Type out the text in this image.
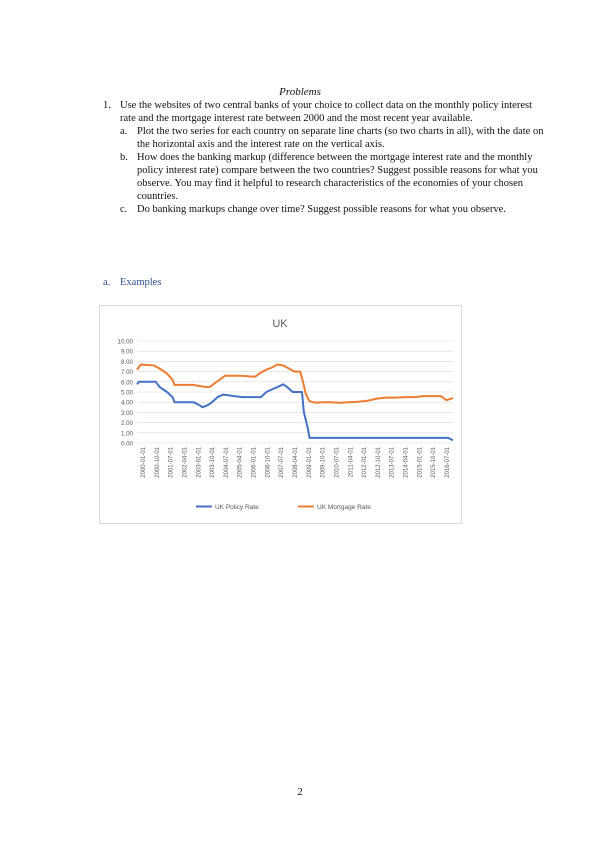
Problems
1. Use the websites of two central banks of your choice to collect data on the monthly policy interest rate and the mortgage interest rate between 2000 and the most recent year available.
a. Plot the two series for each country on separate line charts (so two charts in all), with the date on the horizontal axis and the interest rate on the vertical axis.
b. How does the banking markup (difference between the mortgage interest rate and the monthly policy interest rate) compare between the two countries? Suggest possible reasons for what you observe. You may find it helpful to research characteristics of the economies of your chosen countries.
c. Do banking markups change over time? Suggest possible reasons for what you observe.
a. Examples
UK
10.00
9.00
8.00
7.00
6.00
5.00
4.00
3.00
2.00
1.00
0.00
2000-01-01 2000-10-01 2001-07-01 2002-04-01 2003-01-01 2003-10-01 2004-07-01 2005-04-01 2006-01-01 2006-10-01 2007-07-01 2008-04-01 2009-01-01 2009-10-01 2010-07-01 2011-04-01 2012-01-01 2012-10-01 2013-07-01 2014-04-01 2015-01-01 2015-10-01 2016-07-01
UK Policy Rate	UK Mortgage Rate
2
